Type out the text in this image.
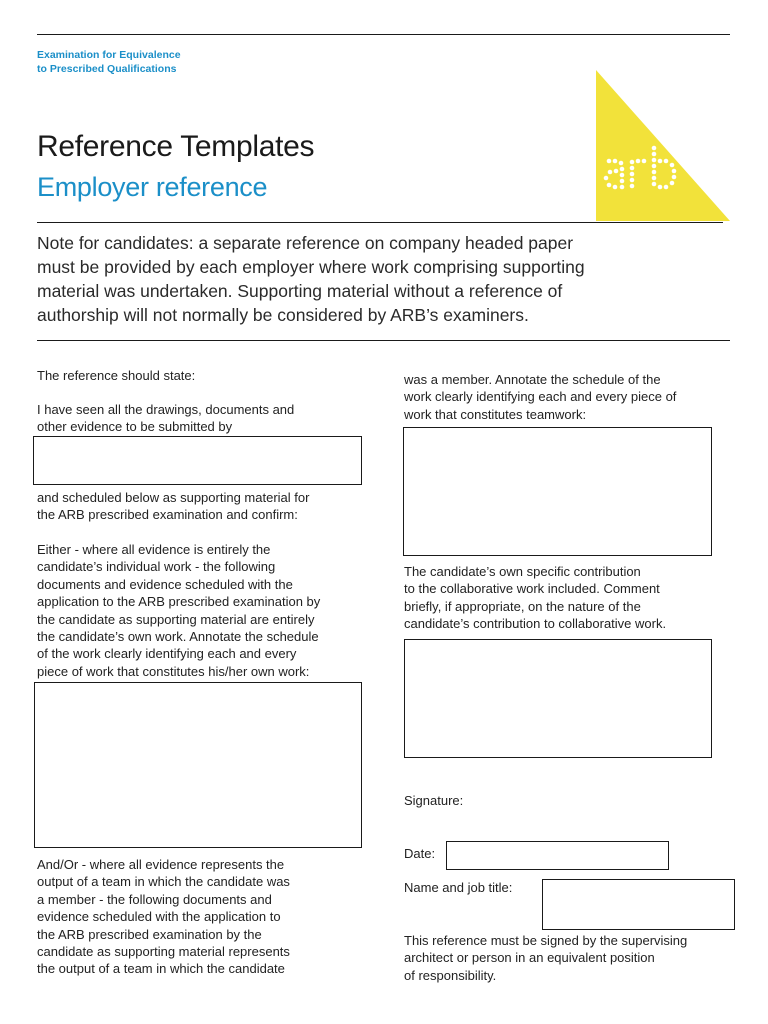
Examination for Equivalence
to Prescribed Qualifications
Reference Templates
Employer reference
Note for candidates: a separate reference on company headed paper
must be provided by each employer where work comprising supporting
material was undertaken. Supporting material without a reference of
authorship will not normally be considered by ARB’s examiners.
The reference should state:
I have seen all the drawings, documents and
other evidence to be submitted by
and scheduled below as supporting material for
the ARB prescribed examination and confirm:
Either - where all evidence is entirely the
candidate’s individual work - the following
documents and evidence scheduled with the
application to the ARB prescribed examination by
the candidate as supporting material are entirely
the candidate’s own work. Annotate the schedule
of the work clearly identifying each and every
piece of work that constitutes his/her own work:
And/Or - where all evidence represents the
output of a team in which the candidate was
a member - the following documents and
evidence scheduled with the application to
the ARB prescribed examination by the
candidate as supporting material represents
the output of a team in which the candidate
was a member. Annotate the schedule of the
work clearly identifying each and every piece of
work that constitutes teamwork:
The candidate’s own specific contribution
to the collaborative work included. Comment
briefly, if appropriate, on the nature of the
candidate’s contribution to collaborative work.
Signature:
Date:
Name and job title:
This reference must be signed by the supervising
architect or person in an equivalent position
of responsibility.
